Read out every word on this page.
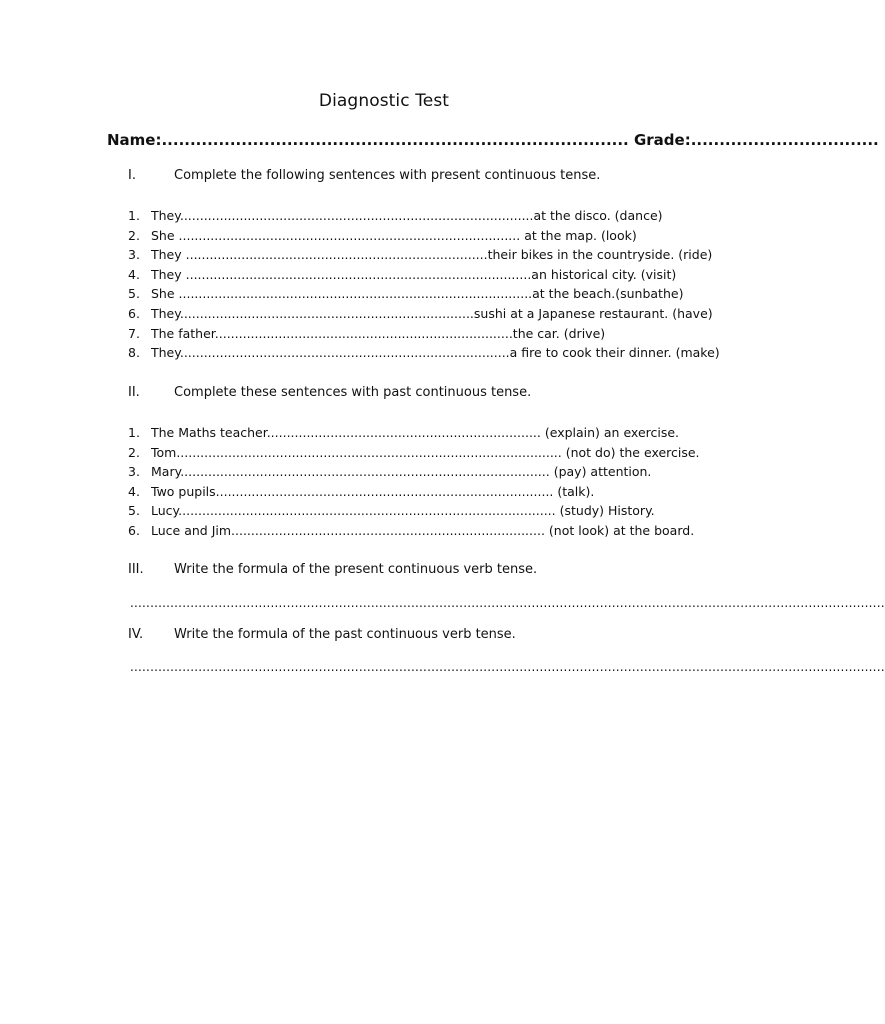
Diagnostic Test
Name:.................................................................................. Grade:.................................
I.	Complete the following sentences with present continuous tense.
1. They.........................................................................................at the disco. (dance)
2. She ...................................................................................... at the map. (look)
3. They ............................................................................their bikes in the countryside. (ride)
4. They .......................................................................................an historical city. (visit)
5. She .........................................................................................at the beach.(sunbathe)
6. They..........................................................................sushi at a Japanese restaurant. (have)
7. The father...........................................................................the car. (drive)
8. They...................................................................................a fire to cook their dinner. (make)
II.	Complete these sentences with past continuous tense.
1. The Maths teacher..................................................................... (explain) an exercise.
2. Tom................................................................................................. (not do) the exercise.
3. Mary............................................................................................. (pay) attention.
4. Two pupils..................................................................................... (talk).
5. Lucy............................................................................................... (study) History.
6. Luce and Jim............................................................................... (not look) at the board.
III. Write the formula of the present continuous verb tense.
............................................................................................................................................................................................
IV. Write the formula of the past continuous verb tense.
............................................................................................................................................................................................
